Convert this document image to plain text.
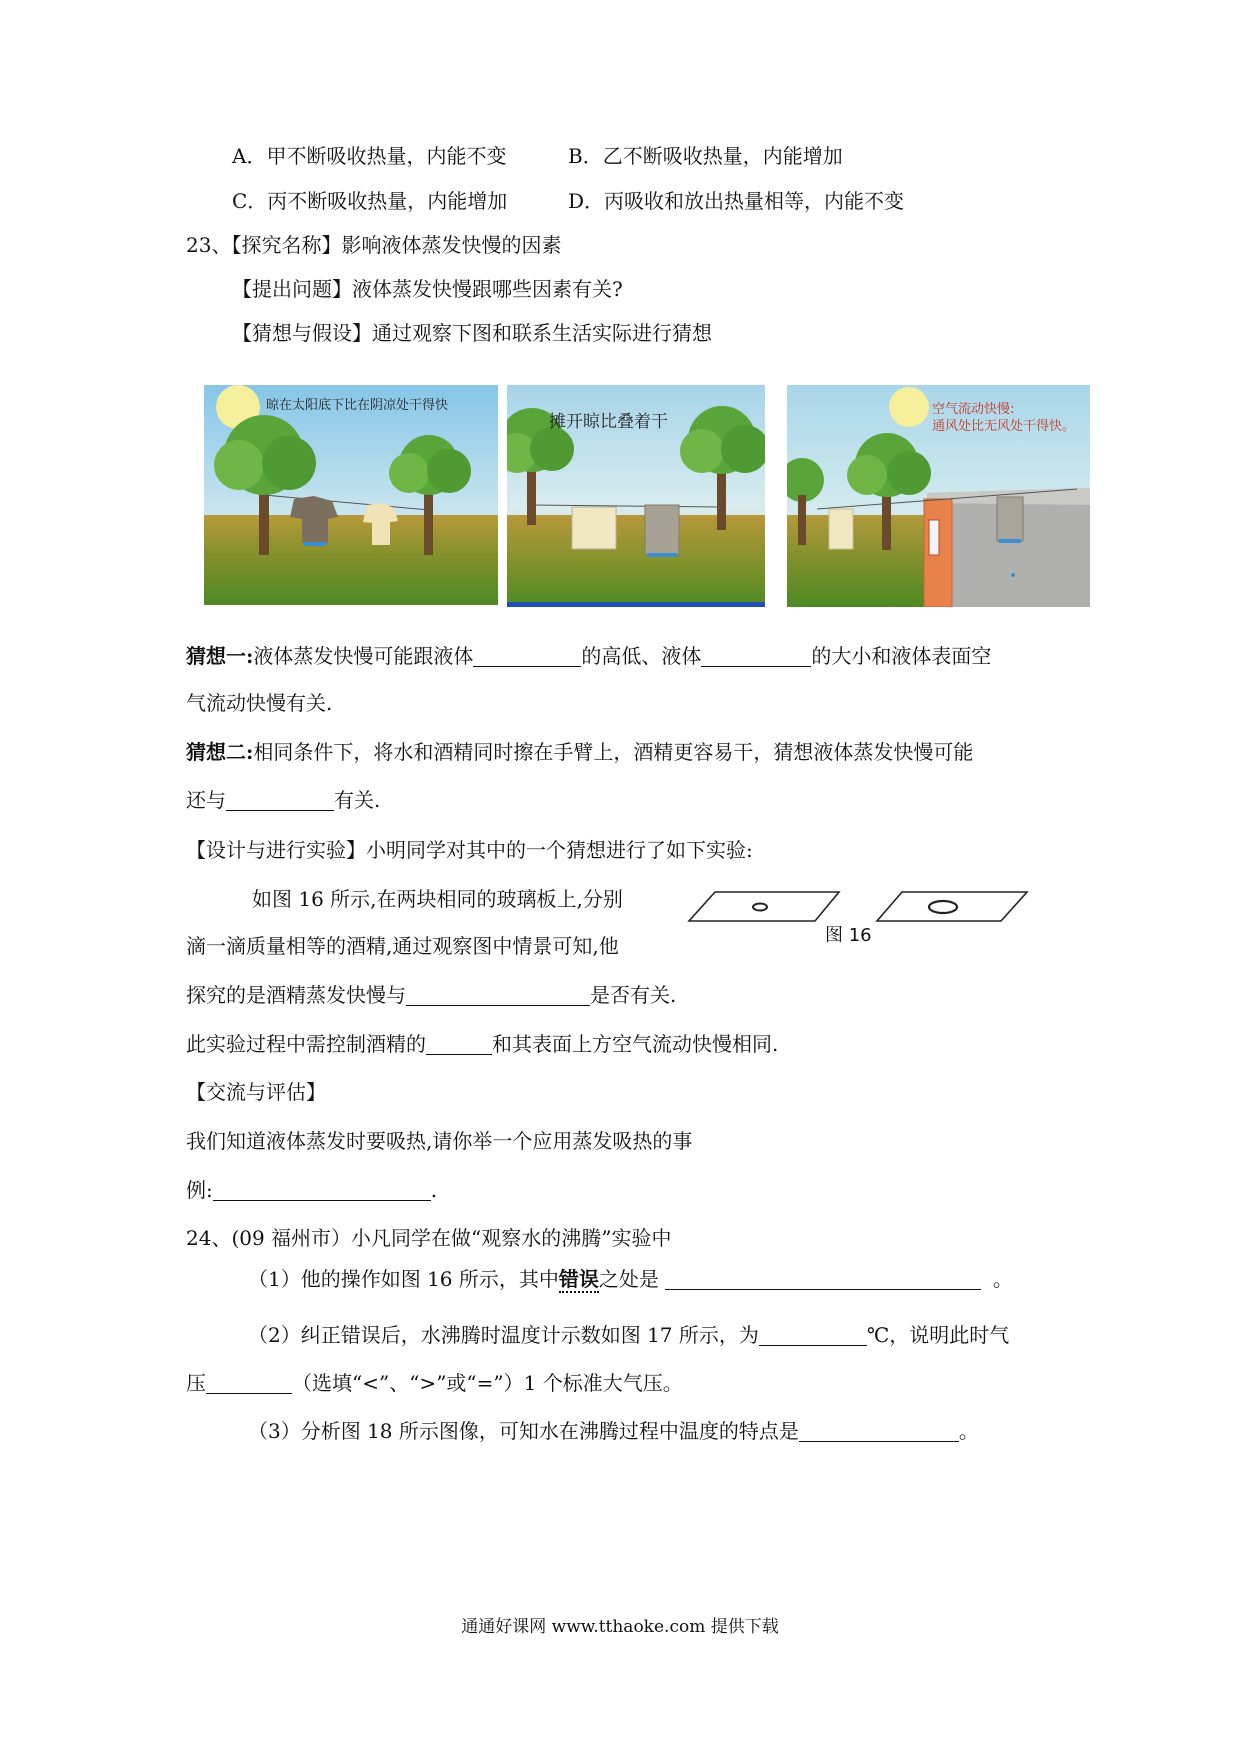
A．甲不断吸收热量，内能不变	B．乙不断吸收热量，内能增加
C．丙不断吸收热量，内能增加	D．丙吸收和放出热量相等，内能不变
23、【探究名称】影响液体蒸发快慢的因素
【提出问题】液体蒸发快慢跟哪些因素有关?
【猜想与假设】通过观察下图和联系生活实际进行猜想
晾在太阳底下比在阴凉处干得快
摊开晾比叠着干
空气流动快慢:
通风处比无风处干得快。
猜想一:液体蒸发快慢可能跟液体	的高低、液体	的大小和液体表面空
气流动快慢有关.
猜想二:相同条件下，将水和酒精同时擦在手臂上，酒精更容易干，猜想液体蒸发快慢可能
还与	有关.
【设计与进行实验】小明同学对其中的一个猜想进行了如下实验:
如图 16 所示,在两块相同的玻璃板上,分别
滴一滴质量相等的酒精,通过观察图中情景可知,他	图 16
探究的是酒精蒸发快慢与	是否有关.
此实验过程中需控制酒精的	和其表面上方空气流动快慢相同.
【交流与评估】
我们知道液体蒸发时要吸热,请你举一个应用蒸发吸热的事
例:	.
24、(09 福州市）小凡同学在做“观察水的沸腾”实验中
（1）他的操作如图 16 所示，其中错误之处是	。
（2）纠正错误后，水沸腾时温度计示数如图 17 所示，为	℃，说明此时气
压	（选填“<”、“>”或“=”）1 个标准大气压。
（3）分析图 18 所示图像，可知水在沸腾过程中温度的特点是	。
通通好课网 www.tthaoke.com 提供下载
